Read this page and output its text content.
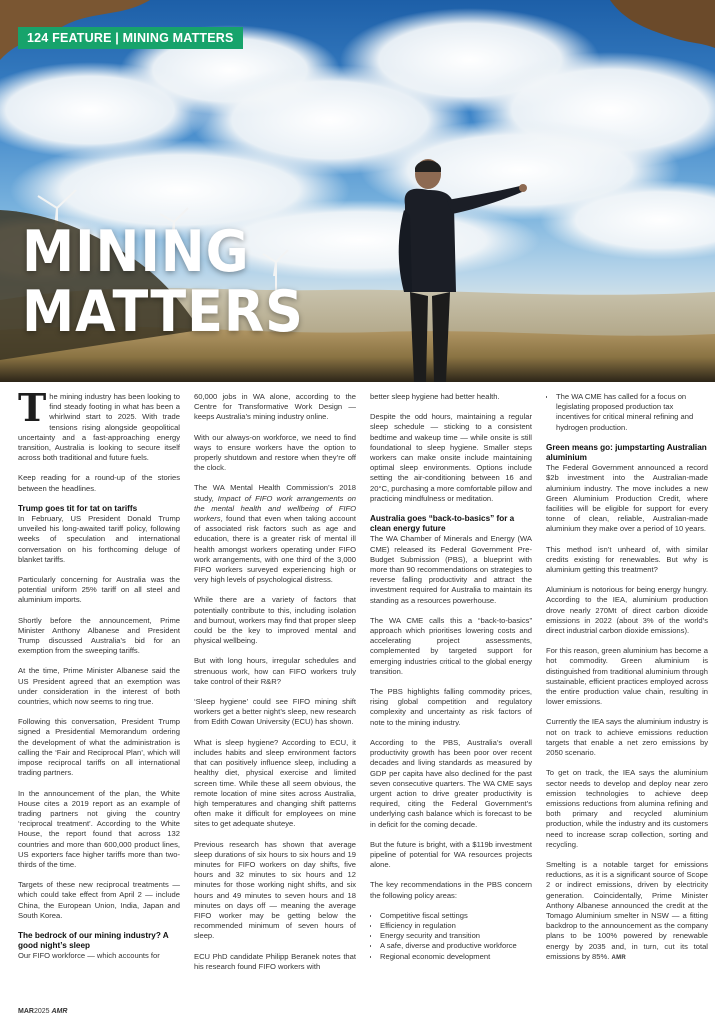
124 FEATURE | MINING MATTERS
MINING
MATTERS

The mining industry has been looking to find steady footing in what has been a whirlwind start to 2025. With trade tensions rising alongside geopolitical uncertainty and a fast-approaching energy transition, Australia is looking to secure itself across both traditional and future fuels.

Keep reading for a round-up of the stories between the headlines.

Trump goes tit for tat on tariffs

In February, US President Donald Trump unveiled his long-awaited tariff policy, following weeks of speculation and international conversation on his forthcoming deluge of blanket tariffs.

Particularly concerning for Australia was the potential uniform 25% tariff on all steel and aluminium imports.

Shortly before the announcement, Prime Minister Anthony Albanese and President Trump discussed Australia’s bid for an exemption from the sweeping tariffs.

At the time, Prime Minister Albanese said the US President agreed that an exemption was under consideration in the interest of both countries, which now seems to ring true.

Following this conversation, President Trump signed a Presidential Memorandum ordering the development of what the administration is calling the ‘Fair and Reciprocal Plan’, which will impose reciprocal tariffs on all international trading partners.

In the announcement of the plan, the White House cites a 2019 report as an example of trading partners not giving the country ‘reciprocal treatment’. According to the White House, the report found that across 132 countries and more than 600,000 product lines, US exporters face higher tariffs more than two-thirds of the time.

Targets of these new reciprocal treatments — which could take effect from April 2 — include China, the European Union, India, Japan and South Korea.

The bedrock of our mining industry? A good night’s sleep

Our FIFO workforce — which accounts for

60,000 jobs in WA alone, according to the Centre for Transformative Work Design — keeps Australia’s mining industry online.

With our always-on workforce, we need to find ways to ensure workers have the option to properly shutdown and restore when they’re off the clock.

The WA Mental Health Commission’s 2018 study, Impact of FIFO work arrangements on the mental health and wellbeing of FIFO workers, found that even when taking account of associated risk factors such as age and education, there is a greater risk of mental ill health amongst workers operating under FIFO work arrangements, with one third of the 3,000 FIFO workers surveyed experiencing high or very high levels of psychological distress.

While there are a variety of factors that potentially contribute to this, including isolation and burnout, workers may find that proper sleep could be the key to improved mental and physical wellbeing.

But with long hours, irregular schedules and strenuous work, how can FIFO workers truly take control of their R&R?

‘Sleep hygiene’ could see FIFO mining shift workers get a better night’s sleep, new research from Edith Cowan University (ECU) has shown.

What is sleep hygiene? According to ECU, it includes habits and sleep environment factors that can positively influence sleep, including a healthy diet, physical exercise and limited screen time. While these all seem obvious, the remote location of mine sites across Australia, high temperatures and changing shift patterns often make it difficult for employees on mine sites to get adequate shuteye.

Previous research has shown that average sleep durations of six hours to six hours and 19 minutes for FIFO workers on day shifts, five hours and 32 minutes to six hours and 12 minutes for those working night shifts, and six hours and 49 minutes to seven hours and 18 minutes on days off — meaning the average FIFO worker may be getting below the recommended minimum of seven hours of sleep.

ECU PhD candidate Philipp Beranek notes that his research found FIFO workers with

better sleep hygiene had better health.

Despite the odd hours, maintaining a regular sleep schedule — sticking to a consistent bedtime and wakeup time — while onsite is still foundational to sleep hygiene. Smaller steps workers can make onsite include maintaining optimal sleep environments. Options include setting the air-conditioning between 16 and 20°C, purchasing a more comfortable pillow and practicing mindfulness or meditation.

Australia goes “back-to-basics” for a clean energy future

The WA Chamber of Minerals and Energy (WA CME) released its Federal Government Pre-Budget Submission (PBS), a blueprint with more than 90 recommendations on strategies to reverse falling productivity and attract the investment required for Australia to maintain its standing as a resources powerhouse.

The WA CME calls this a “back-to-basics” approach which prioritises lowering costs and accelerating project assessments, complemented by targeted support for emerging industries critical to the global energy transition.

The PBS highlights falling commodity prices, rising global competition and regulatory complexity and uncertainty as risk factors of note to the mining industry.

According to the PBS, Australia’s overall productivity growth has been poor over recent decades and living standards as measured by GDP per capita have also declined for the past seven consecutive quarters. The WA CME says urgent action to drive greater productivity is required, citing the Federal Government’s underlying cash balance which is forecast to be in deficit for the coming decade.

But the future is bright, with a $119b investment pipeline of potential for WA resources projects alone.

The key recommendations in the PBS concern the following policy areas:

• Competitive fiscal settings
• Efficiency in regulation
• Energy security and transition
• A safe, diverse and productive workforce
• Regional economic development
• The WA CME has called for a focus on legislating proposed production tax incentives for critical mineral refining and hydrogen production.
Green means go: jumpstarting Australian aluminium

The Federal Government announced a record $2b investment into the Australian-made aluminium industry. The move includes a new Green Aluminium Production Credit, where facilities will be eligible for support for every tonne of clean, reliable, Australian-made aluminium they make over a period of 10 years.

This method isn’t unheard of, with similar credits existing for renewables. But why is aluminium getting this treatment?

Aluminium is notorious for being energy hungry. According to the IEA, aluminium production drove nearly 270Mt of direct carbon dioxide emissions in 2022 (about 3% of the world’s direct industrial carbon dioxide emissions).

For this reason, green aluminium has become a hot commodity. Green aluminium is distinguished from traditional aluminium through sustainable, efficient practices employed across the entire production value chain, resulting in lower emissions.

Currently the IEA says the aluminium industry is not on track to achieve emissions reduction targets that enable a net zero emissions by 2050 scenario.

To get on track, the IEA says the aluminium sector needs to develop and deploy near zero emission technologies to achieve deep emissions reductions from alumina refining and both primary and recycled aluminium production, while the industry and its customers need to increase scrap collection, sorting and recycling.

Smelting is a notable target for emissions reductions, as it is a significant source of Scope 2 or indirect emissions, driven by electricity generation. Coincidentally, Prime Minister Anthony Albanese announced the credit at the Tomago Aluminium smelter in NSW — a fitting backdrop to the announcement as the company plans to be 100% powered by renewable energy by 2035 and, in turn, cut its total emissions by 85%. AMR

MAR2025 AMR
